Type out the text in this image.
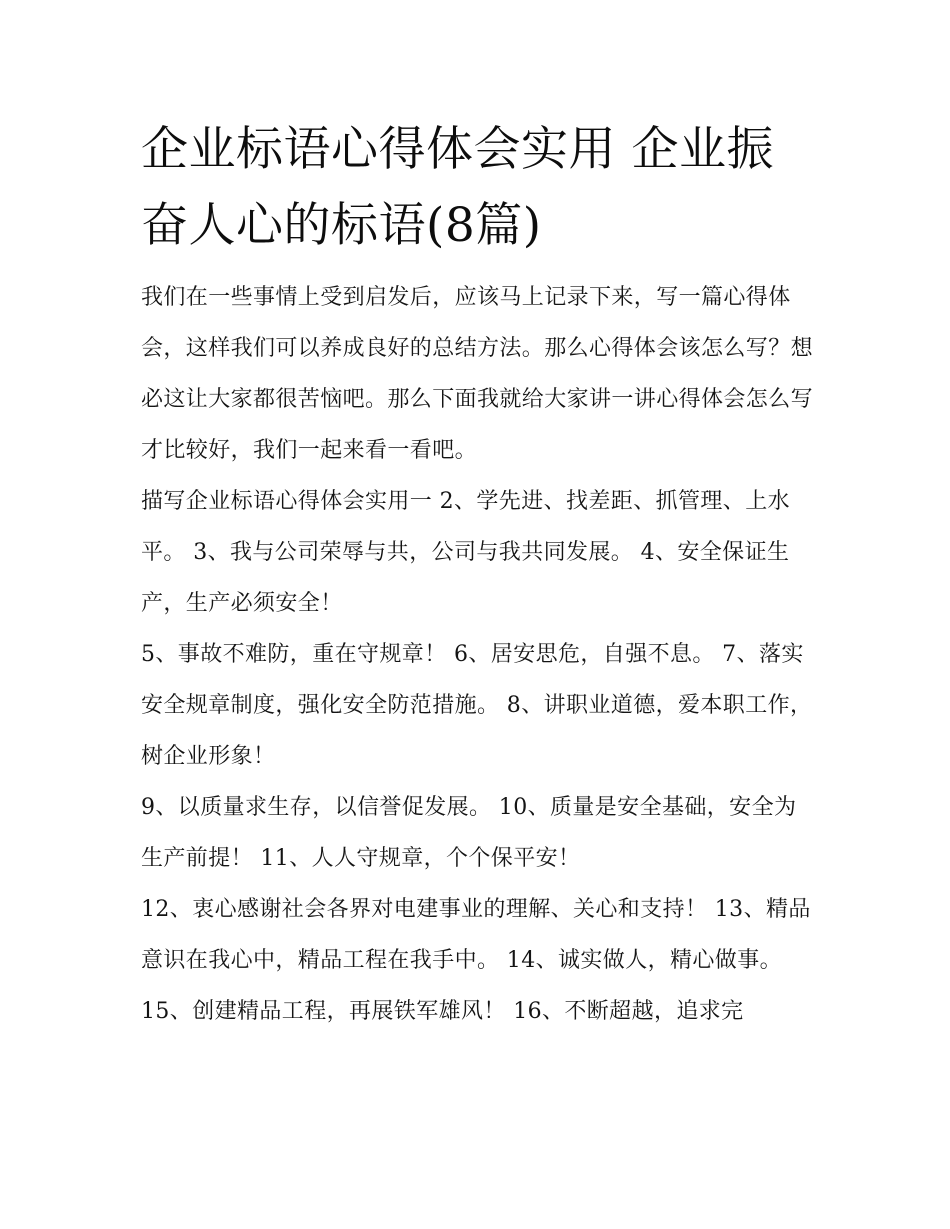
企业标语心得体会实用 企业振奋人心的标语(8篇)

我们在一些事情上受到启发后，应该马上记录下来，写一篇心得体会，这样我们可以养成良好的总结方法。那么心得体会该怎么写？想必这让大家都很苦恼吧。那么下面我就给大家讲一讲心得体会怎么写才比较好，我们一起来看一看吧。

描写企业标语心得体会实用一 2、学先进、找差距、抓管理、上水平。 3、我与公司荣辱与共，公司与我共同发展。 4、安全保证生产，生产必须安全！

5、事故不难防，重在守规章！ 6、居安思危，自强不息。 7、落实安全规章制度，强化安全防范措施。 8、讲职业道德，爱本职工作，树企业形象！

9、以质量求生存，以信誉促发展。 10、质量是安全基础，安全为生产前提！ 11、人人守规章，个个保平安！

12、衷心感谢社会各界对电建事业的理解、关心和支持！ 13、精品意识在我心中，精品工程在我手中。 14、诚实做人，精心做事。

15、创建精品工程，再展铁军雄风！ 16、不断超越，追求完
